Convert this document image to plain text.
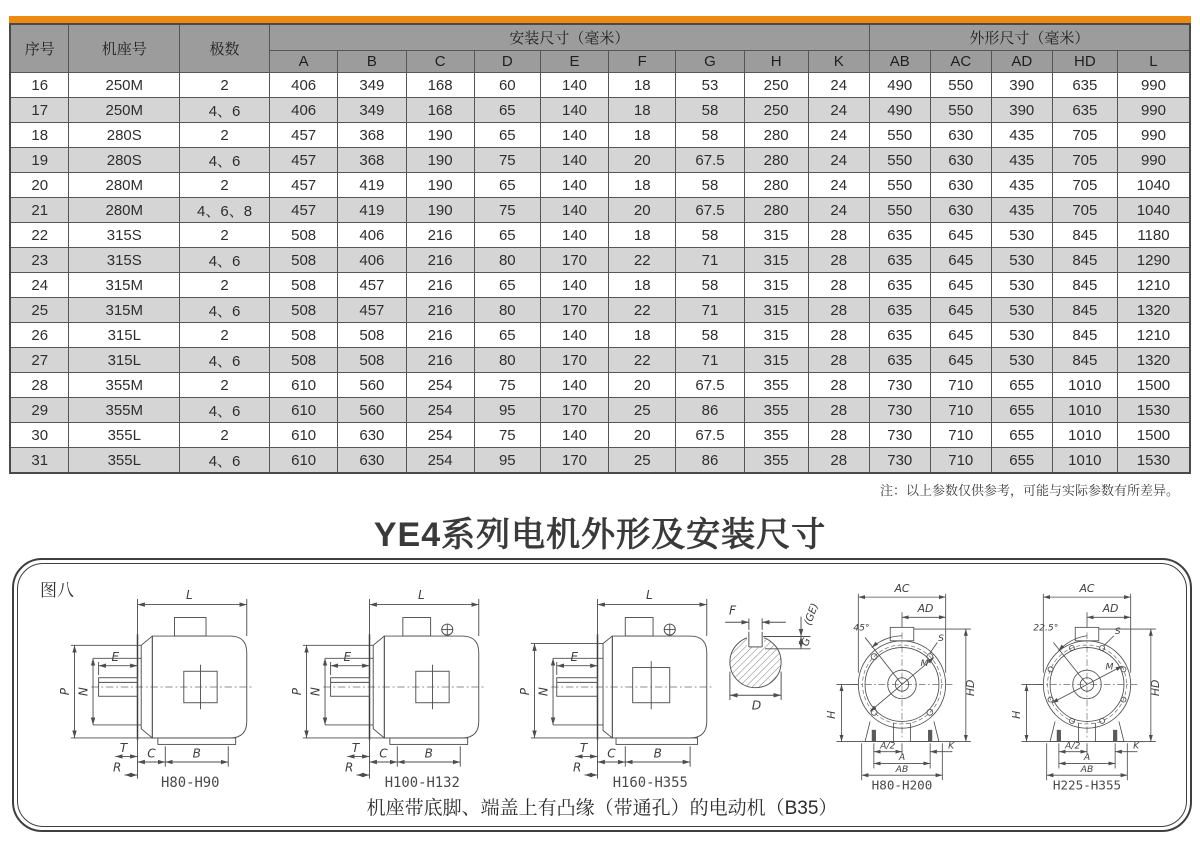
序号	机座号	极数	安装尺寸（毫米）									外形尺寸（毫米）				
			A	B	C	D	E	F	G	H	K	AB	AC	AD	HD	L
16	250M	2	406	349	168	60	140	18	53	250	24	490	550	390	635	990
17	250M	4、6	406	349	168	65	140	18	58	250	24	490	550	390	635	990
18	280S	2	457	368	190	65	140	18	58	280	24	550	630	435	705	990
19	280S	4、6	457	368	190	75	140	20	67.5	280	24	550	630	435	705	990
20	280M	2	457	419	190	65	140	18	58	280	24	550	630	435	705	1040
21	280M	4、6、8	457	419	190	75	140	20	67.5	280	24	550	630	435	705	1040
22	315S	2	508	406	216	65	140	18	58	315	28	635	645	530	845	1180
23	315S	4、6	508	406	216	80	170	22	71	315	28	635	645	530	845	1290
24	315M	2	508	457	216	65	140	18	58	315	28	635	645	530	845	1210
25	315M	4、6	508	457	216	80	170	22	71	315	28	635	645	530	845	1320
26	315L	2	508	508	216	65	140	18	58	315	28	635	645	530	845	1210
27	315L	4、6	508	508	216	80	170	22	71	315	28	635	645	530	845	1320
28	355M	2	610	560	254	75	140	20	67.5	355	28	730	710	655	1010	1500
29	355M	4、6	610	560	254	95	170	25	86	355	28	730	710	655	1010	1530
30	355L	2	610	630	254	75	140	20	67.5	355	28	730	710	655	1010	1500
31	355L	4、6	610	630	254	95	170	25	86	355	28	730	710	655	1010	1530
注：以上参数仅供参考，可能与实际参数有所差异。
YE4系列电机外形及安装尺寸
图八	L
P N
E
T C	B
R
H80-H90
L
P N
E
T C	B
R
H100-H132
L
P N
E
T C	B
R
H160-H355
F	(GE)
G
D
M
S
45°
AC
AD
HD
H
A/2	K
A
AB
H80-H200
M
S
22.5°
AC
AD
HD
H
A/2	K
A
AB
H225-H355
机座带底脚、端盖上有凸缘（带通孔）的电动机（B35）
